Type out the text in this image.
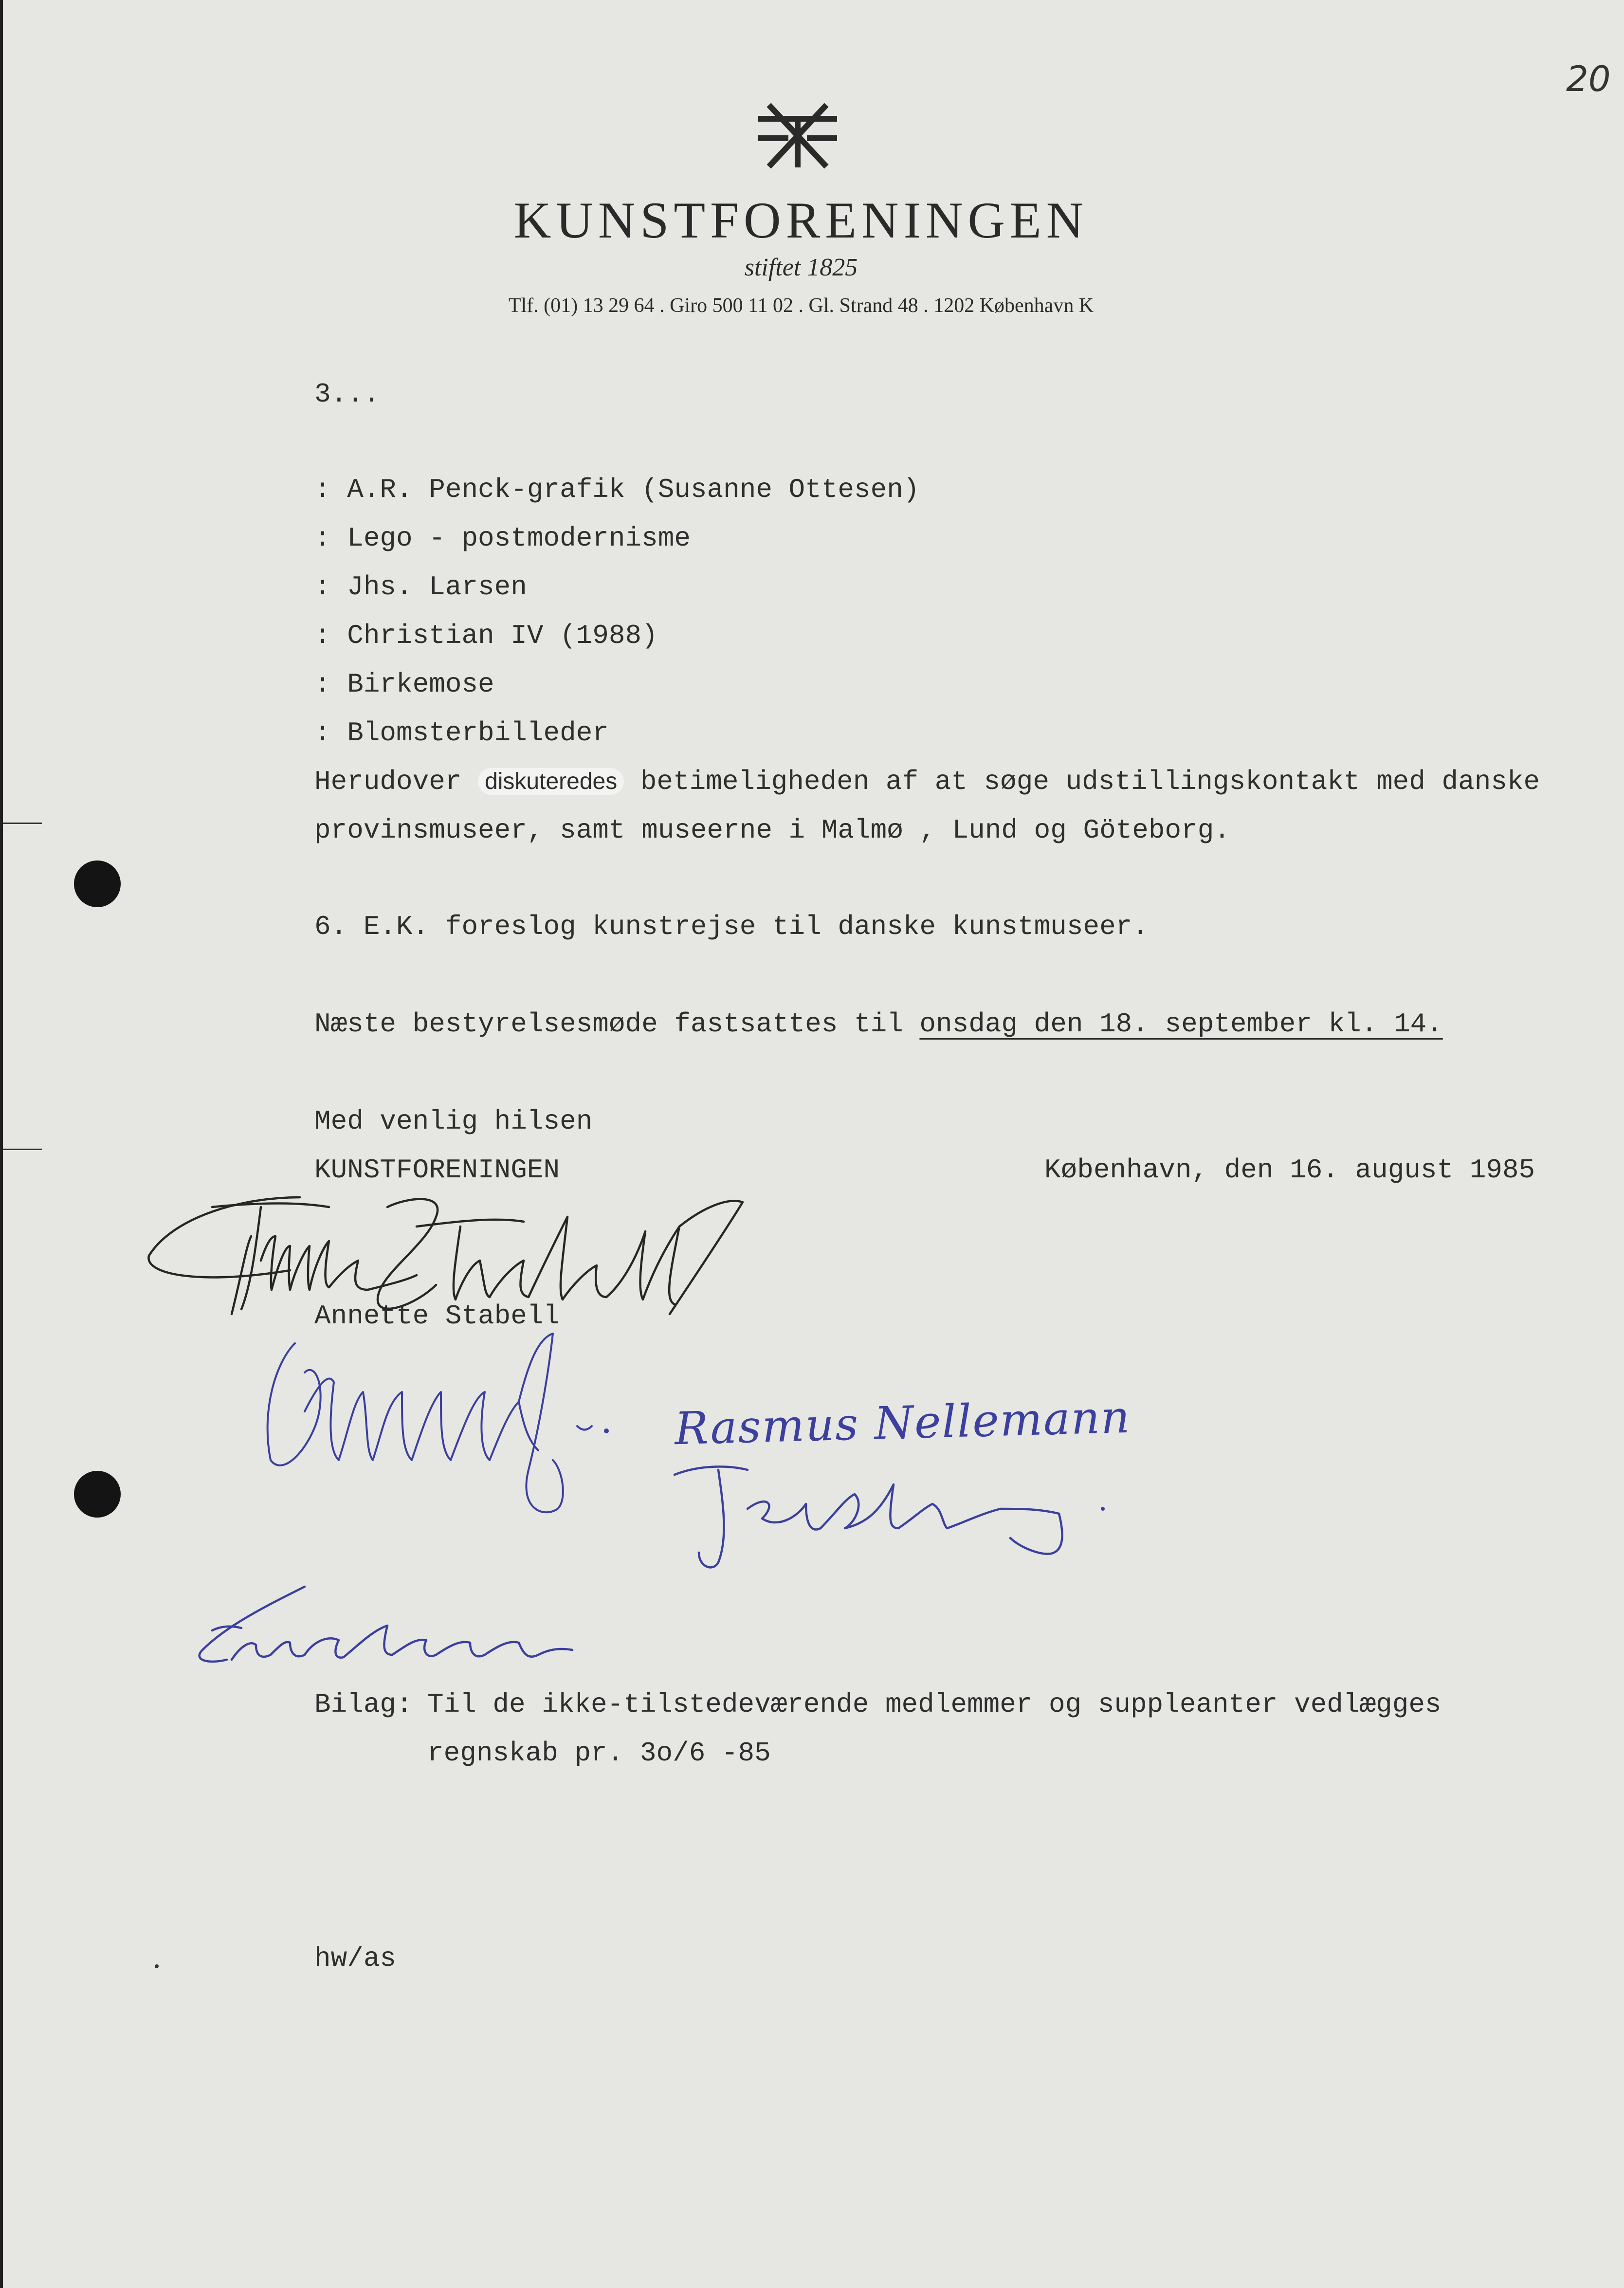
20
KUNSTFORENINGEN
stiftet 1825
Tlf. (01) 13 29 64 . Giro 500 11 02 . Gl. Strand 48 . 1202 København K
3...
: A.R. Penck-grafik (Susanne Ottesen)
: Lego - postmodernisme
: Jhs. Larsen
: Christian IV (1988)
: Birkemose
: Blomsterbilleder
Herudover diskuteredes betimeligheden af at søge udstillingskontakt med danske
provinsmuseer, samt museerne i Malmø , Lund og Göteborg.
6. E.K. foreslog kunstrejse til danske kunstmuseer.
Næste bestyrelsesmøde fastsattes til onsdag den 18. september kl. 14.
Med venlig hilsen
KUNSTFORENINGEN	København, den 16. august 1985
Annette Stabell
Rasmus Nellemann
Bilag: Til de ikke-tilstedeværende medlemmer og suppleanter vedlægges
regnskab pr. 3o/6 -85
hw/as
